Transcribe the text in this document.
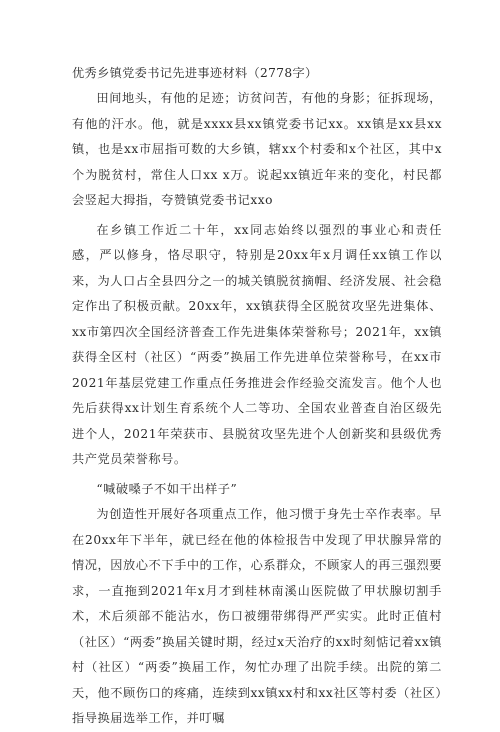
优秀乡镇党委书记先进事迹材料（2778字）

田间地头，有他的足迹；访贫问苦，有他的身影；征拆现场，有他的汗水。他，就是xxxx县xx镇党委书记xx。xx镇是xx县xx镇，也是xx市屈指可数的大乡镇，辖xx个村委和x个社区，其中x个为脱贫村，常住人口xx x万。说起xx镇近年来的变化，村民都会竖起大拇指，夸赞镇党委书记xxo

在乡镇工作近二十年，xx同志始终以强烈的事业心和责任感，严以修身，恪尽职守，特别是20xx年x月调任xx镇工作以来，为人口占全县四分之一的城关镇脱贫摘帽、经济发展、社会稳定作出了积极贡献。20xx年，xx镇获得全区脱贫攻坚先进集体、xx市第四次全国经济普查工作先进集体荣誉称号；2021年，xx镇获得全区村（社区）“两委”换届工作先进单位荣誉称号，在xx市2021年基层党建工作重点任务推进会作经验交流发言。他个人也先后获得xx计划生育系统个人二等功、全国农业普查自治区级先进个人，2021年荣获市、县脱贫攻坚先进个人创新奖和县级优秀共产党员荣誉称号。

“喊破嗓子不如干出样子”

为创造性开展好各项重点工作，他习惯于身先士卒作表率。早在20xx年下半年，就已经在他的体检报告中发现了甲状腺异常的情况，因放心不下手中的工作，心系群众，不顾家人的再三强烈要求，一直拖到2021年x月才到桂林南溪山医院做了甲状腺切割手术，术后须部不能沾水，伤口被绷带绑得严严实实。此时正值村（社区）“两委”换届关键时期，经过x天治疗的xx时刻惦记着xx镇村（社区）“两委”换届工作，匆忙办理了出院手续。出院的第二天，他不顾伤口的疼痛，连续到xx镇xx村和xx社区等村委（社区）指导换届选举工作，并叮嘱
